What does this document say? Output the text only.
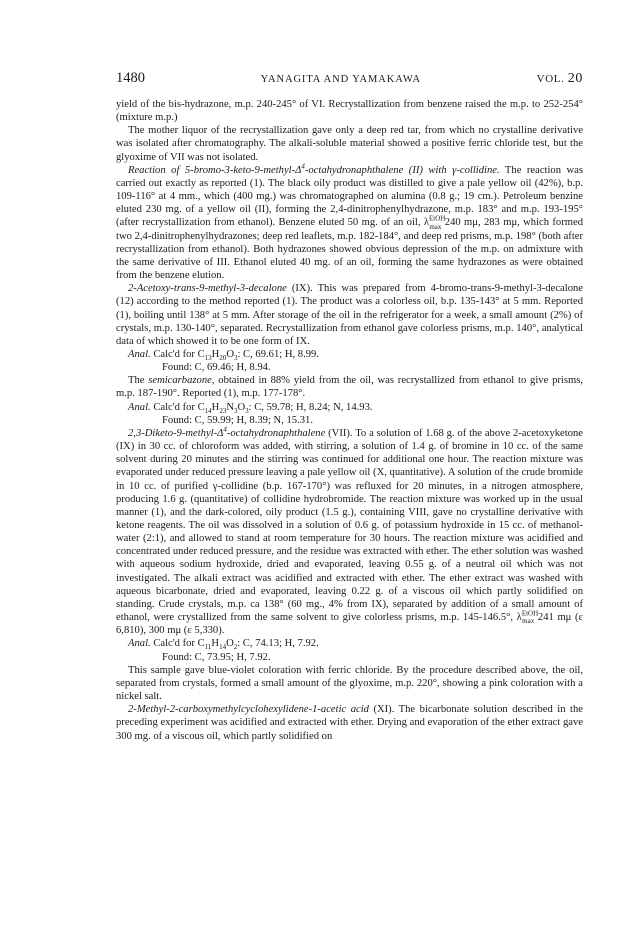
1480	YANAGITA AND YAMAKAWA	VOL. 20

yield of the bis-hydrazone, m.p. 240-245° of VI. Recrystallization from benzene raised the m.p. to 252-254° (mixture m.p.)

The mother liquor of the recrystallization gave only a deep red tar, from which no crystalline derivative was isolated after chromatography. The alkali-soluble material showed a positive ferric chloride test, but the glyoxime of VII was not isolated.

Reaction of $5-bromo-3-keto-9-methyl-\Delta^4$-octahydronaphthalene (II) with γ-collidine. The reaction was carried out exactly as reported (1). The black oily product was distilled to give a pale yellow oil (42%), b.p. 109-116° at 4 mm., which (400 mg.) was chromatographed on alumina (0.8 g.; 19 cm.). Petroleum benzine eluted 230 mg. of a yellow oil (II), forming the 2,4-dinitrophenylhydrazone, m.p. 183° and m.p. 193-195° (after recrystallization from ethanol). Benzene eluted 50 mg. of an oil, $\lambda^{EtOH}_{max}$ 240 mμ, 283 mμ, which formed two 2,4-dinitrophenylhydrazones; deep red leaflets, m.p. 182-184°, and deep red prisms, m.p. 198° (both after recrystallization from ethanol). Both hydrazones showed obvious depression of the m.p. on admixture with the same derivative of III. Ethanol eluted 40 mg. of an oil, forming the same hydrazones as were obtained from the benzene elution.

2-Acetoxy-trans-9-methyl-3-decalone (IX). This was prepared from 4-bromo-trans-9-methyl-3-decalone (12) according to the method reported (1). The product was a colorless oil, b.p. 135-143° at 5 mm. Reported (1), boiling until 138° at 5 mm. After storage of the oil in the refrigerator for a week, a small amount (2%) of crystals, m.p. 130-140°, separated. Recrystallization from ethanol gave colorless prisms, m.p. 140°, analytical data of which showed it to be one form of IX.

Anal. Calc'd for $C_{13}H_{20}O_3$: C, 69.61; H, 8.99.

Found: C, 69.46; H, 8.94.

The semicarbazone, obtained in 88% yield from the oil, was recrystallized from ethanol to give prisms, m.p. 187-190°. Reported (1), m.p. 177-178°.

Anal. Calc'd for $C_{14}H_{23}N_3O_3$: C, 59.78; H, 8.24; N, 14.93.

Found: C, 59.99; H, 8.39; N, 15.31.

$2,3-Diketo-9-methyl-\Delta^4$-octahydronaphthalene (VII). To a solution of 1.68 g. of the above 2-acetoxyketone (IX) in 30 cc. of chloroform was added, with stirring, a solution of 1.4 g. of bromine in 10 cc. of the same solvent during 20 minutes and the stirring was continued for additional one hour. The reaction mixture was evaporated under reduced pressure leaving a pale yellow oil (X, quantitative). A solution of the crude bromide in 10 cc. of purified γ-collidine (b.p. 167-170°) was refluxed for 20 minutes, in a nitrogen atmosphere, producing 1.6 g. (quantitative) of collidine hydrobromide. The reaction mixture was worked up in the usual manner (1), and the dark-colored, oily product (1.5 g.), containing VIII, gave no crystalline derivative with ketone reagents. The oil was dissolved in a solution of 0.6 g. of potassium hydroxide in 15 cc. of methanol-water (2:1), and allowed to stand at room temperature for 30 hours. The reaction mixture was acidified and concentrated under reduced pressure, and the residue was extracted with ether. The ether solution was washed with aqueous sodium hydroxide, dried and evaporated, leaving 0.55 g. of a neutral oil which was not investigated. The alkali extract was acidified and extracted with ether. The ether extract was washed with aqueous bicarbonate, dried and evaporated, leaving 0.22 g. of a viscous oil which partly solidified on standing. Crude crystals, m.p. ca 138° (60 mg., 4% from IX), separated by addition of a small amount of ethanol, were crystallized from the same solvent to give colorless prisms, m.p. 145-146.5°, $\lambda^{EtOH}_{max}$ 241 mμ (ε 6,810), 300 mμ (ε 5,330).

Anal. Calc'd for $C_{11}H_{14}O_2$: C, 74.13; H, 7.92.

Found: C, 73.95; H, 7.92.

This sample gave blue-violet coloration with ferric chloride. By the procedure described above, the oil, separated from crystals, formed a small amount of the glyoxime, m.p. 220°, showing a pink coloration with a nickel salt.

2-Methyl-2-carboxymethylcyclohexylidene-1-acetic acid (XI). The bicarbonate solution described in the preceding experiment was acidified and extracted with ether. Drying and evaporation of the ether extract gave 300 mg. of a viscous oil, which partly solidified on
